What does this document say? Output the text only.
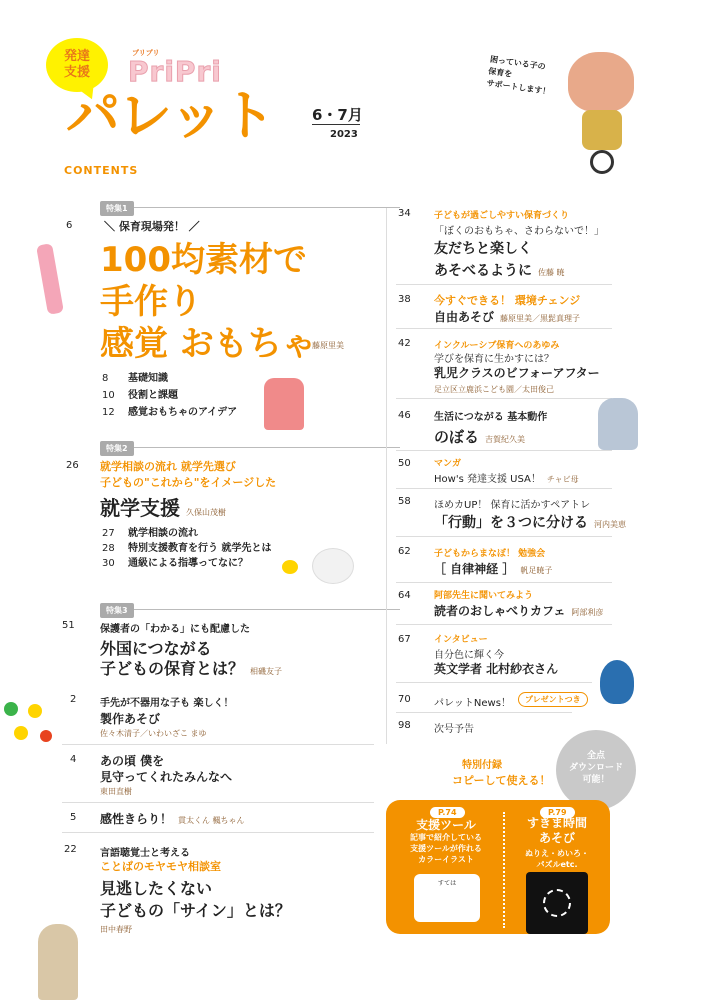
発達
支援
プリプリ
PriPri
パレット	6・7月
2023
困っている子の
保育を
サポートします！
CONTENTS
特集1
6	＼ 保育現場発！ ／
100均素材で
手作り
感覚 おもちゃ
藤原里美
8 基礎知識
10 役割と課題
12 感覚おもちゃのアイデア
特集2
26 就学相談の流れ 就学先選び
子どもの"これから"をイメージした
就学支援 久保山茂樹
27 就学相談の流れ
28 特別支援教育を行う 就学先とは
30 通級による指導ってなに？
特集3
51	保護者の「わかる」にも配慮した
外国につながる
子どもの保育とは？ 相磯友子
2 手先が不器用な子も 楽しく！
製作あそび
佐々木清子／いわいざこ まゆ
4 あの頃 僕を
見守ってくれたみんなへ
東田直樹
5 感性きらり！ 貫太くん 楓ちゃん
22 言語聴覚士と考える
ことばのモヤモヤ相談室
見逃したくない
子どもの「サイン」とは？
田中春野
34	子どもが過ごしやすい保育づくり
「ぼくのおもちゃ、さわらないで！」
友だちと楽しく
あそべるように 佐藤 暁
38 今すぐできる！ 環境チェンジ
自由あそび 藤原里美／黒髭真理子
42	インクルーシブ保育へのあゆみ
学びを保育に生かすには？
乳児クラスのビフォーアフター
足立区立鹿浜こども園／太田俊己
46 生活につながる 基本動作
のぼる 吉賀紀久美
50	マンガ
How's 発達支援 USA！ チャビ母
58 ほめカUP！ 保育に活かすペアトレ
「行動」を３つに分ける 河内美恵
62	子どもからまなぼ！ 勉強会
［ 自律神経 ］ 帆足暁子
64	阿部先生に聞いてみよう
読者のおしゃべりカフェ 阿部利彦
67	インタビュー
自分色に輝く今
英文学者 北村紗衣さん
70 パレットNews！	プレゼントつき
98 次号予告
全点
ダウンロード
可能！
特別付録
コピーして使える！
P.74
支援ツール
記事で紹介している
支援ツールが作れる
カラーイラスト
すては
P.79
すきま時間
あそび
ぬりえ・めいろ・
パズルetc.
